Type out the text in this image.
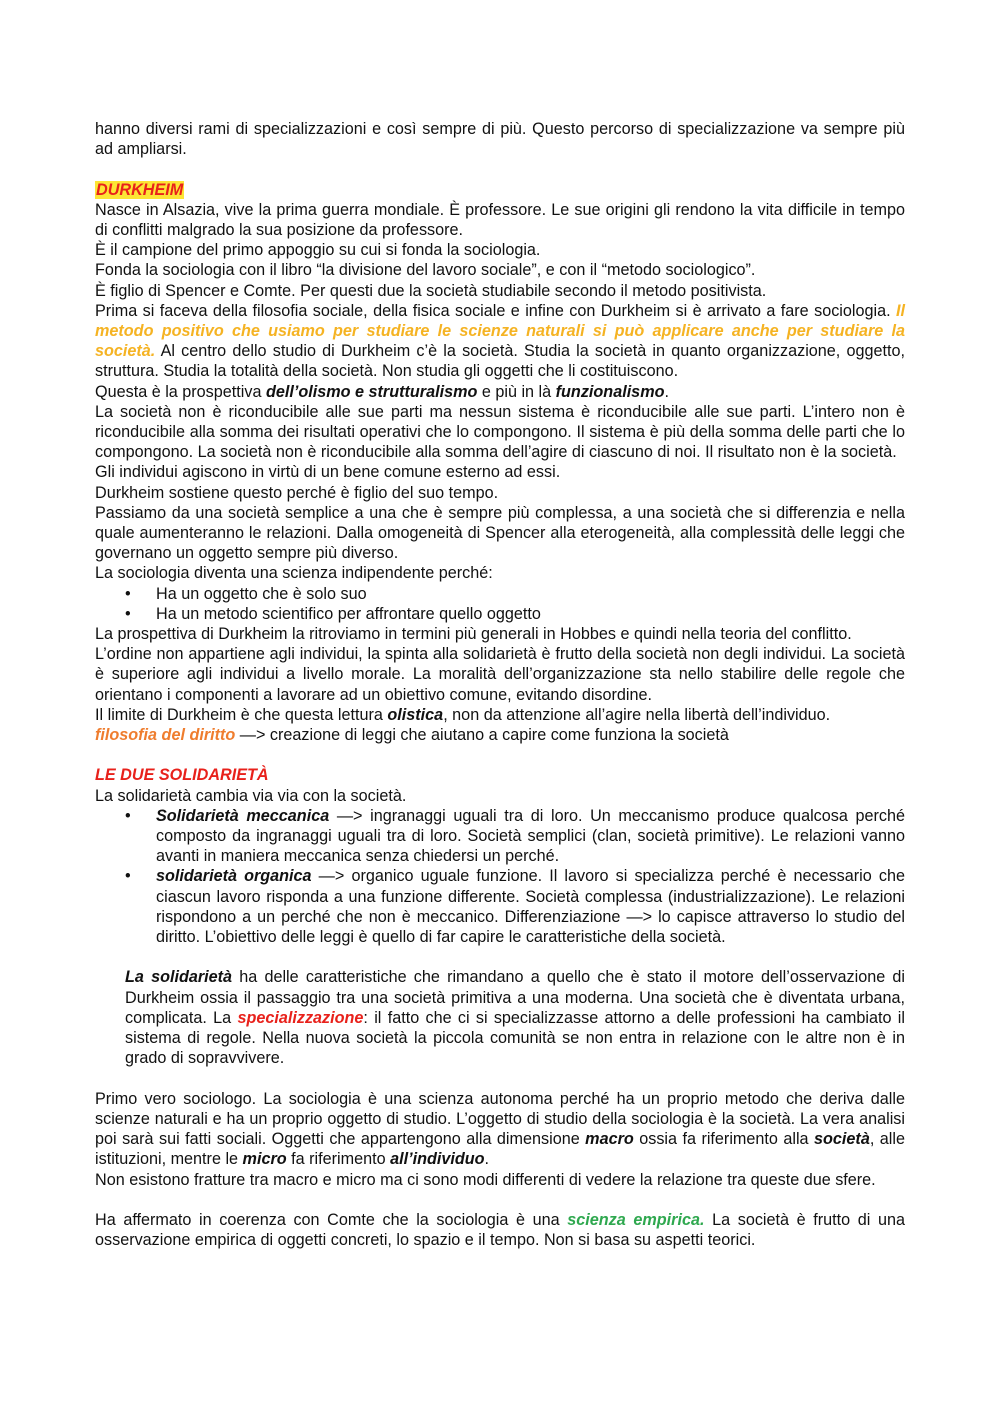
hanno diversi rami di specializzazioni e così sempre di più. Questo percorso di specializzazione va sempre più ad ampliarsi.

DURKHEIM

Nasce in Alsazia, vive la prima guerra mondiale. È professore. Le sue origini gli rendono la vita difficile in tempo di conflitti malgrado la sua posizione da professore.

È il campione del primo appoggio su cui si fonda la sociologia.

Fonda la sociologia con il libro “la divisione del lavoro sociale”, e con il “metodo sociologico”.

È figlio di Spencer e Comte. Per questi due la società studiabile secondo il metodo positivista.

Prima si faceva della filosofia sociale, della fisica sociale e infine con Durkheim si è arrivato a fare sociologia. Il metodo positivo che usiamo per studiare le scienze naturali si può applicare anche per studiare la società. Al centro dello studio di Durkheim c’è la società. Studia la società in quanto organizzazione, oggetto, struttura. Studia la totalità della società. Non studia gli oggetti che li costituiscono.

Questa è la prospettiva dell’olismo e strutturalismo e più in là funzionalismo.

La società non è riconducibile alle sue parti ma nessun sistema è riconducibile alle sue parti. L’intero non è riconducibile alla somma dei risultati operativi che lo compongono. Il sistema è più della somma delle parti che lo compongono. La società non è riconducibile alla somma dell’agire di ciascuno di noi. Il risultato non è la società.

Gli individui agiscono in virtù di un bene comune esterno ad essi.

Durkheim sostiene questo perché è figlio del suo tempo.

Passiamo da una società semplice a una che è sempre più complessa, a una società che si differenzia e nella quale aumenteranno le relazioni. Dalla omogeneità di Spencer alla eterogeneità, alla complessità delle leggi che governano un oggetto sempre più diverso.

La sociologia diventa una scienza indipendente perché:

• Ha un oggetto che è solo suo
• Ha un metodo scientifico per affrontare quello oggetto

La prospettiva di Durkheim la ritroviamo in termini più generali in Hobbes e quindi nella teoria del conflitto.

L’ordine non appartiene agli individui, la spinta alla solidarietà è frutto della società non degli individui. La società è superiore agli individui a livello morale. La moralità dell’organizzazione sta nello stabilire delle regole che orientano i componenti a lavorare ad un obiettivo comune, evitando disordine.

Il limite di Durkheim è che questa lettura olistica, non da attenzione all’agire nella libertà dell’individuo.

filosofia del diritto —> creazione di leggi che aiutano a capire come funziona la società

LE DUE SOLIDARIETÀ

La solidarietà cambia via via con la società.

• Solidarietà meccanica —> ingranaggi uguali tra di loro. Un meccanismo produce qualcosa perché composto da ingranaggi uguali tra di loro. Società semplici (clan, società primitive). Le relazioni vanno avanti in maniera meccanica senza chiedersi un perché.
• solidarietà organica —> organico uguale funzione. Il lavoro si specializza perché è necessario che ciascun lavoro risponda a una funzione differente. Società complessa (industrializzazione). Le relazioni rispondono a un perché che non è meccanico. Differenziazione —> lo capisce attraverso lo studio del diritto. L’obiettivo delle leggi è quello di far capire le caratteristiche della società.

La solidarietà ha delle caratteristiche che rimandano a quello che è stato il motore dell’osservazione di Durkheim ossia il passaggio tra una società primitiva a una moderna. Una società che è diventata urbana, complicata. La specializzazione: il fatto che ci si specializzasse attorno a delle professioni ha cambiato il sistema di regole. Nella nuova società la piccola comunità se non entra in relazione con le altre non è in grado di sopravvivere.

Primo vero sociologo. La sociologia è una scienza autonoma perché ha un proprio metodo che deriva dalle scienze naturali e ha un proprio oggetto di studio. L’oggetto di studio della sociologia è la società. La vera analisi poi sarà sui fatti sociali. Oggetti che appartengono alla dimensione macro ossia fa riferimento alla società, alle istituzioni, mentre le micro fa riferimento all’individuo.

Non esistono fratture tra macro e micro ma ci sono modi differenti di vedere la relazione tra queste due sfere.

Ha affermato in coerenza con Comte che la sociologia è una scienza empirica. La società è frutto di una osservazione empirica di oggetti concreti, lo spazio e il tempo. Non si basa su aspetti teorici.
